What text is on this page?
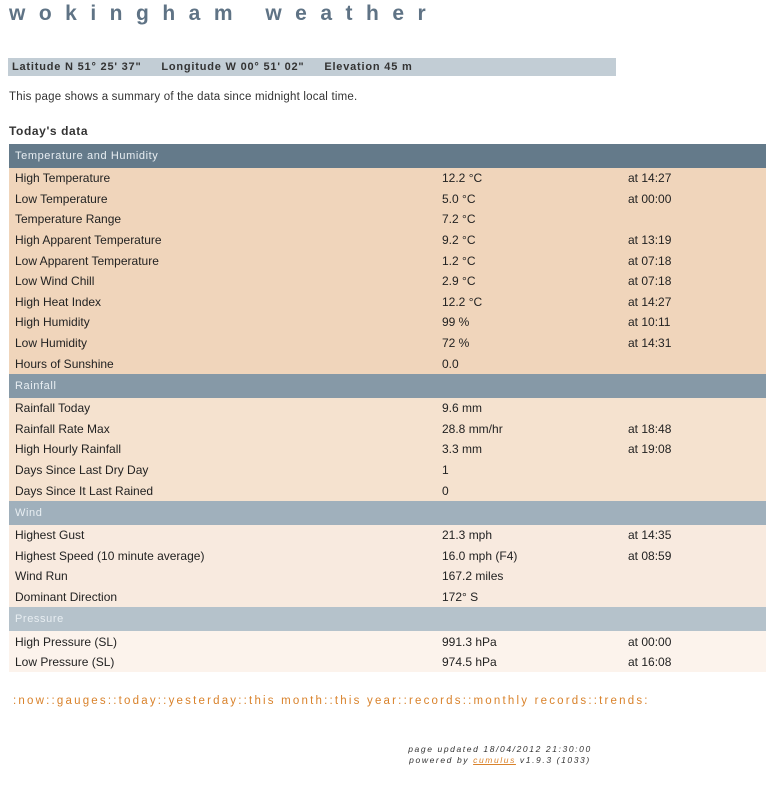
wokingham weather
Latitude N 51° 25' 37" Longitude W 00° 51' 02" Elevation 45 m
This page shows a summary of the data since midnight local time.
Today's data
Temperature and Humidity		
High Temperature	12.2 °C	at 14:27
Low Temperature	5.0 °C	at 00:00
Temperature Range	7.2 °C	
High Apparent Temperature	9.2 °C	at 13:19
Low Apparent Temperature	1.2 °C	at 07:18
Low Wind Chill	2.9 °C	at 07:18
High Heat Index	12.2 °C	at 14:27
High Humidity	99 %	at 10:11
Low Humidity	72 %	at 14:31
Hours of Sunshine	0.0	
Rainfall		
Rainfall Today	9.6 mm	
Rainfall Rate Max	28.8 mm/hr	at 18:48
High Hourly Rainfall	3.3 mm	at 19:08
Days Since Last Dry Day	1	
Days Since It Last Rained	0	
Wind		
Highest Gust	21.3 mph	at 14:35
Highest Speed (10 minute average)	16.0 mph (F4)	at 08:59
Wind Run	167.2 miles	
Dominant Direction	172° S	
Pressure		
High Pressure (SL)	991.3 hPa	at 00:00
Low Pressure (SL)	974.5 hPa	at 16:08
:now::gauges::today::yesterday::this month::this year::records::monthly records::trends:
page updated 18/04/2012 21:30:00
powered by cumulus v1.9.3 (1033)
